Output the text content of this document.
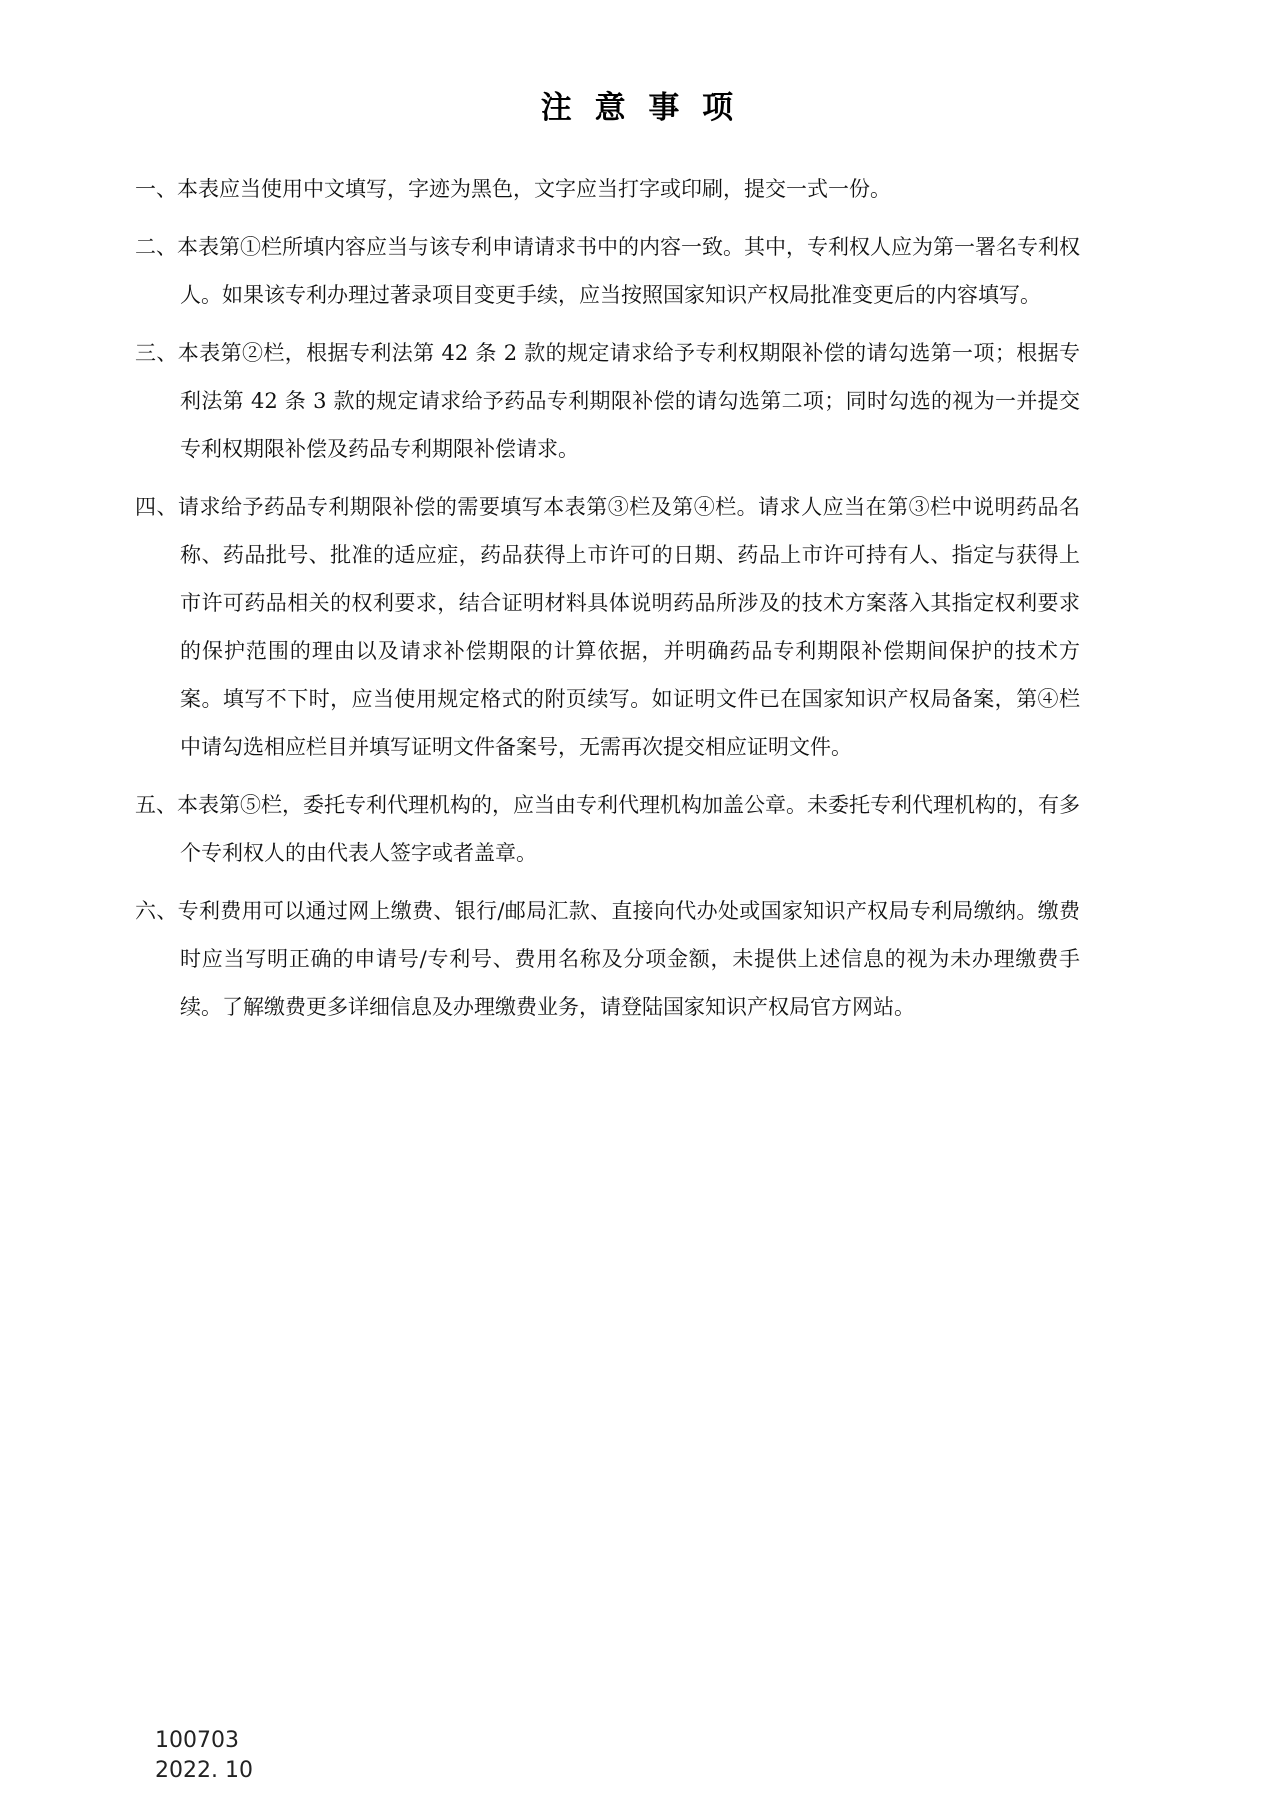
注 意 事 项

一、本表应当使用中文填写，字迹为黑色，文字应当打字或印刷，提交一式一份。

二、本表第①栏所填内容应当与该专利申请请求书中的内容一致。其中，专利权人应为第一署名专利权人。如果该专利办理过著录项目变更手续，应当按照国家知识产权局批准变更后的内容填写。

三、本表第②栏，根据专利法第 42 条 2 款的规定请求给予专利权期限补偿的请勾选第一项；根据专利法第 42 条 3 款的规定请求给予药品专利期限补偿的请勾选第二项；同时勾选的视为一并提交专利权期限补偿及药品专利期限补偿请求。

四、请求给予药品专利期限补偿的需要填写本表第③栏及第④栏。请求人应当在第③栏中说明药品名称、药品批号、批准的适应症，药品获得上市许可的日期、药品上市许可持有人、指定与获得上市许可药品相关的权利要求，结合证明材料具体说明药品所涉及的技术方案落入其指定权利要求的保护范围的理由以及请求补偿期限的计算依据，并明确药品专利期限补偿期间保护的技术方案。填写不下时，应当使用规定格式的附页续写。如证明文件已在国家知识产权局备案，第④栏中请勾选相应栏目并填写证明文件备案号，无需再次提交相应证明文件。

五、本表第⑤栏，委托专利代理机构的，应当由专利代理机构加盖公章。未委托专利代理机构的，有多个专利权人的由代表人签字或者盖章。

六、专利费用可以通过网上缴费、银行/邮局汇款、直接向代办处或国家知识产权局专利局缴纳。缴费时应当写明正确的申请号/专利号、费用名称及分项金额，未提供上述信息的视为未办理缴费手续。了解缴费更多详细信息及办理缴费业务，请登陆国家知识产权局官方网站。

100703
2022. 10
